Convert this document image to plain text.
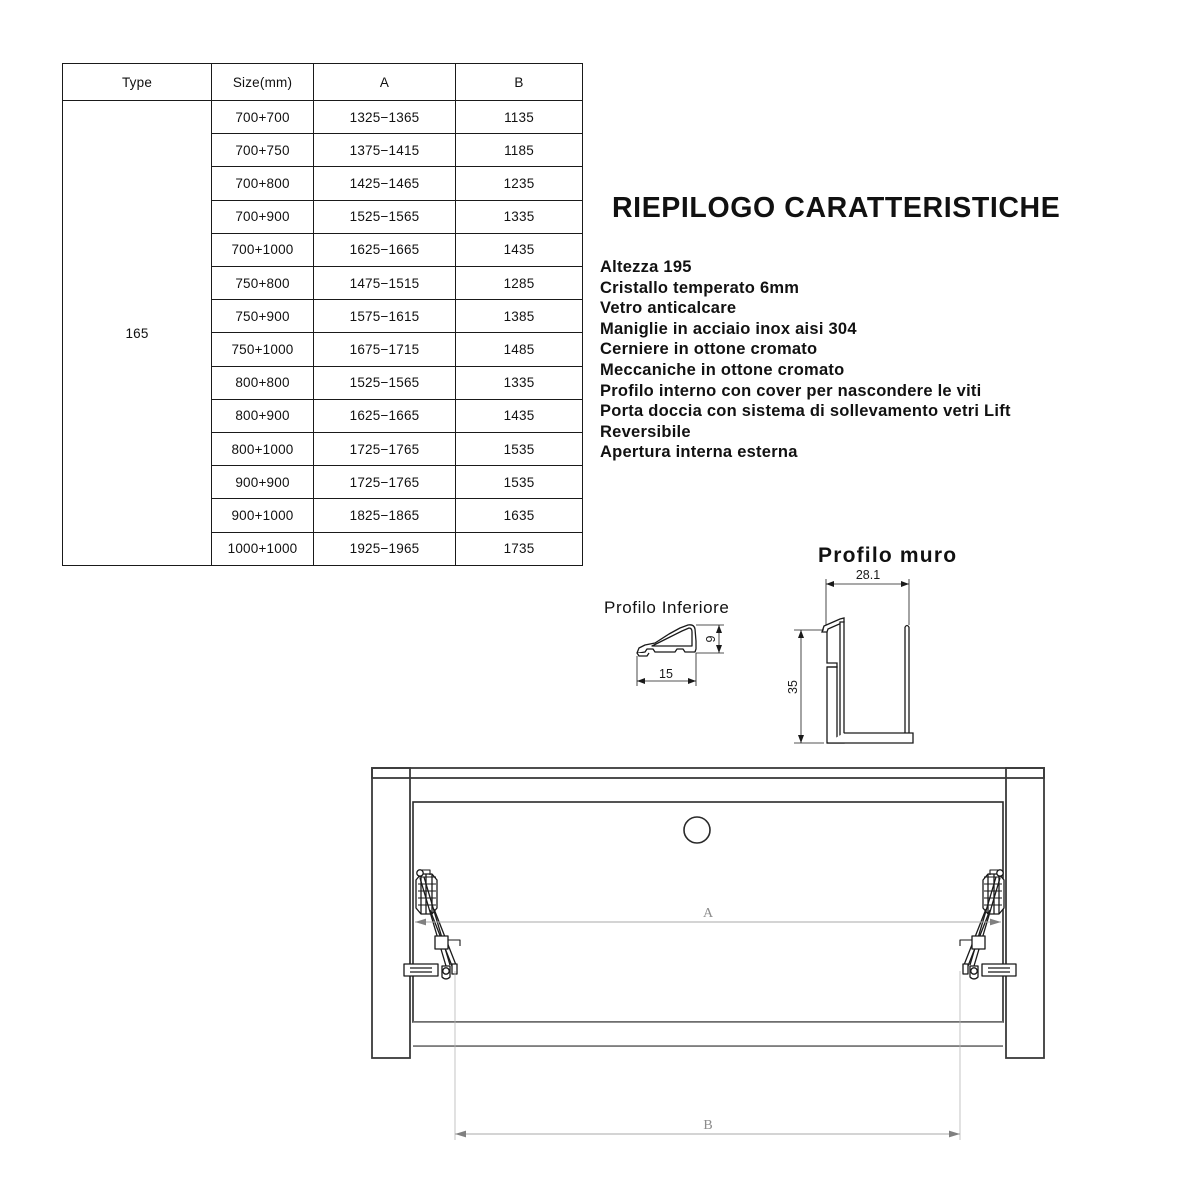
Type	Size(mm)	A	B
165	700+700	1325−1365	1135
	700+750	1375−1415	1185
	700+800	1425−1465	1235
	700+900	1525−1565	1335
	700+1000	1625−1665	1435
	750+800	1475−1515	1285
	750+900	1575−1615	1385
	750+1000	1675−1715	1485
	800+800	1525−1565	1335
	800+900	1625−1665	1435
	800+1000	1725−1765	1535
	900+900	1725−1765	1535
	900+1000	1825−1865	1635
	1000+1000	1925−1965	1735
RIEPILOGO CARATTERISTICHE
Altezza 195
Cristallo temperato 6mm
Vetro anticalcare
Maniglie in acciaio inox aisi 304
Cerniere in ottone cromato
Meccaniche in ottone cromato
Profilo interno con cover per nascondere le viti
Porta doccia con sistema di sollevamento vetri Lift
Reversibile
Apertura interna esterna
Profilo Inferiore
15
9
Profilo muro
28.1
35
A
B
